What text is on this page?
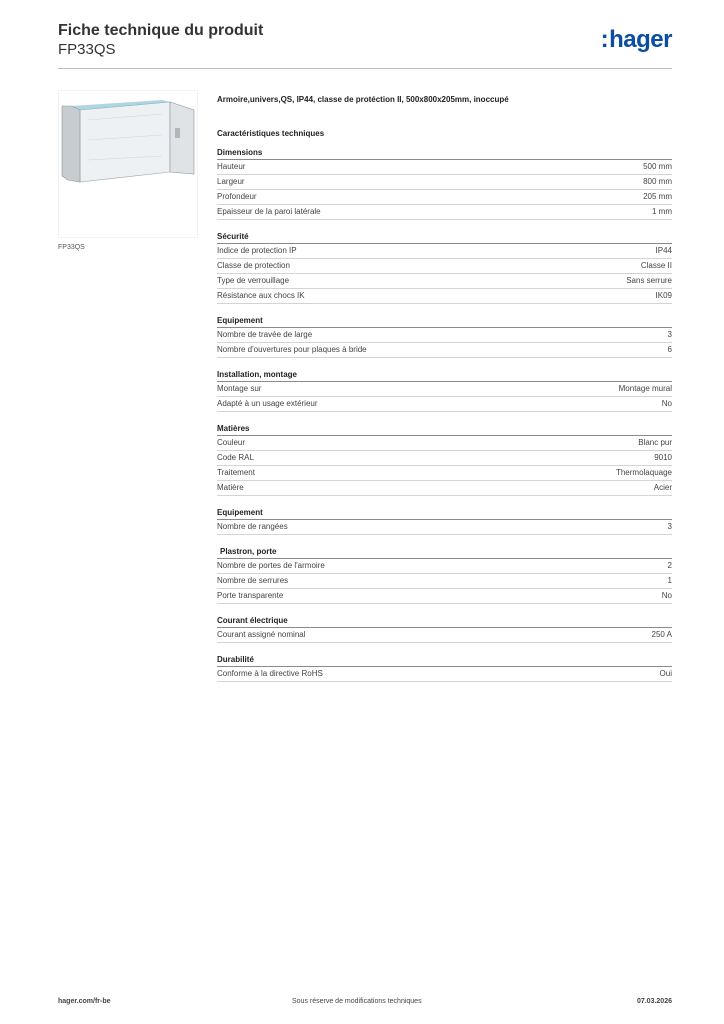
Fiche technique du produit
FP33QS	:hager
FP33QS
Armoire,univers,QS, IP44, classe de protéction II, 500x800x205mm, inoccupé
Caractéristiques techniques
Dimensions
Hauteur	500 mm
Largeur	800 mm
Profondeur	205 mm
Epaisseur de la paroi latérale	1 mm
Sécurité
Indice de protection IP	IP44
Classe de protection	Classe II
Type de verrouillage	Sans serrure
Résistance aux chocs IK	IK09
Equipement
Nombre de travée de large	3
Nombre d'ouvertures pour plaques à bride	6
Installation, montage
Montage sur	Montage mural
Adapté à un usage extérieur	No
Matières
Couleur	Blanc pur
Code RAL	9010
Traitement	Thermolaquage
Matière	Acier
Equipement
Nombre de rangées	3
Plastron, porte
Nombre de portes de l'armoire	2
Nombre de serrures	1
Porte transparente	No
Courant électrique
Courant assigné nominal	250 A
Durabilité
Conforme à la directive RoHS	Oui
hager.com/fr-be	Sous réserve de modifications techniques	07.03.2026
